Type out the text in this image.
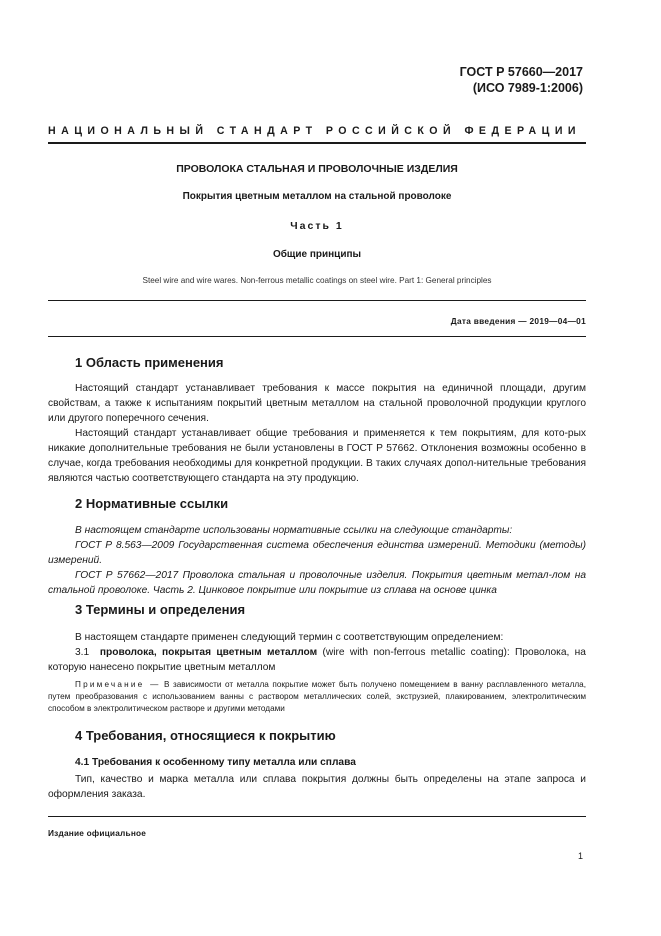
ГОСТ Р 57660—2017
(ИСО 7989-1:2006)
НАЦИОНАЛЬНЫЙ СТАНДАРТ РОССИЙСКОЙ ФЕДЕРАЦИИ
ПРОВОЛОКА СТАЛЬНАЯ И ПРОВОЛОЧНЫЕ ИЗДЕЛИЯ
Покрытия цветным металлом на стальной проволоке
Часть 1
Общие принципы
Steel wire and wire wares. Non-ferrous metallic coatings on steel wire. Part 1: General principles
Дата введения — 2019—04—01
1 Область применения
Настоящий стандарт устанавливает требования к массе покрытия на единичной площади, другим свойствам, а также к испытаниям покрытий цветным металлом на стальной проволочной продукции круглого или другого поперечного сечения.
Настоящий стандарт устанавливает общие требования и применяется к тем покрытиям, для кото-рых никакие дополнительные требования не были установлены в ГОСТ Р 57662. Отклонения возможны особенно в случае, когда требования необходимы для конкретной продукции. В таких случаях допол-нительные требования являются частью соответствующего стандарта на эту продукцию.
2 Нормативные ссылки
В настоящем стандарте использованы нормативные ссылки на следующие стандарты:
ГОСТ Р 8.563—2009 Государственная система обеспечения единства измерений. Методики (методы) измерений.
ГОСТ Р 57662—2017 Проволока стальная и проволочные изделия. Покрытия цветным метал-лом на стальной проволоке. Часть 2. Цинковое покрытие или покрытие из сплава на основе цинка
3 Термины и определения
В настоящем стандарте применен следующий термин с соответствующим определением:
3.1 проволока, покрытая цветным металлом (wire with non-ferrous metallic coating): Проволока, на которую нанесено покрытие цветным металлом
Примечание — В зависимости от металла покрытие может быть получено помещением в ванну расплавленного металла, путем преобразования с использованием ванны с раствором металлических солей, экструзией, плакированием, электролитическим способом в электролитическом растворе и другими методами
4 Требования, относящиеся к покрытию
4.1 Требования к особенному типу металла или сплава
Тип, качество и марка металла или сплава покрытия должны быть определены на этапе запроса и оформления заказа.
Издание официальное
1
